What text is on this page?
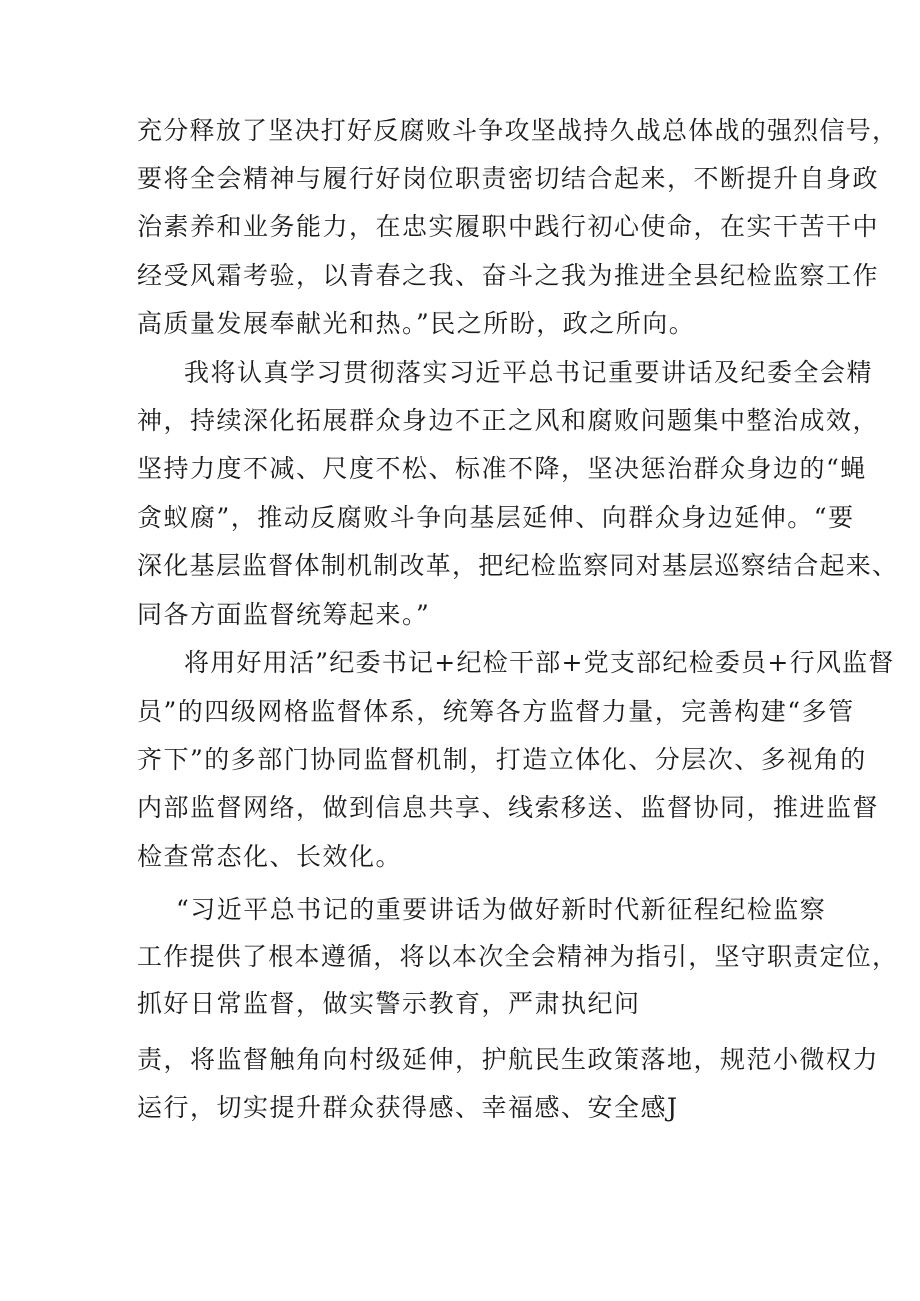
充分释放了坚决打好反腐败斗争攻坚战持久战总体战的强烈信号，

要将全会精神与履行好岗位职责密切结合起来，不断提升自身政

治素养和业务能力，在忠实履职中践行初心使命，在实干苦干中

经受风霜考验，以青春之我、奋斗之我为推进全县纪检监察工作

高质量发展奉献光和热。”民之所盼，政之所向。

我将认真学习贯彻落实习近平总书记重要讲话及纪委全会精

神，持续深化拓展群众身边不正之风和腐败问题集中整治成效，

坚持力度不减、尺度不松、标准不降，坚决惩治群众身边的“蝇

贪蚁腐”，推动反腐败斗争向基层延伸、向群众身边延伸。“要

深化基层监督体制机制改革，把纪检监察同对基层巡察结合起来、

同各方面监督统筹起来。”

将用好用活”纪委书记+纪检干部+党支部纪检委员+行风监督

员”的四级网格监督体系，统筹各方监督力量，完善构建“多管

齐下”的多部门协同监督机制，打造立体化、分层次、多视角的

内部监督网络，做到信息共享、线索移送、监督协同，推进监督

检查常态化、长效化。

“习近平总书记的重要讲话为做好新时代新征程纪检监察

工作提供了根本遵循，将以本次全会精神为指引，坚守职责定位，

抓好日常监督，做实警示教育，严肃执纪问

责，将监督触角向村级延伸，护航民生政策落地，规范小微权力

运行，切实提升群众获得感、幸福感、安全感J
